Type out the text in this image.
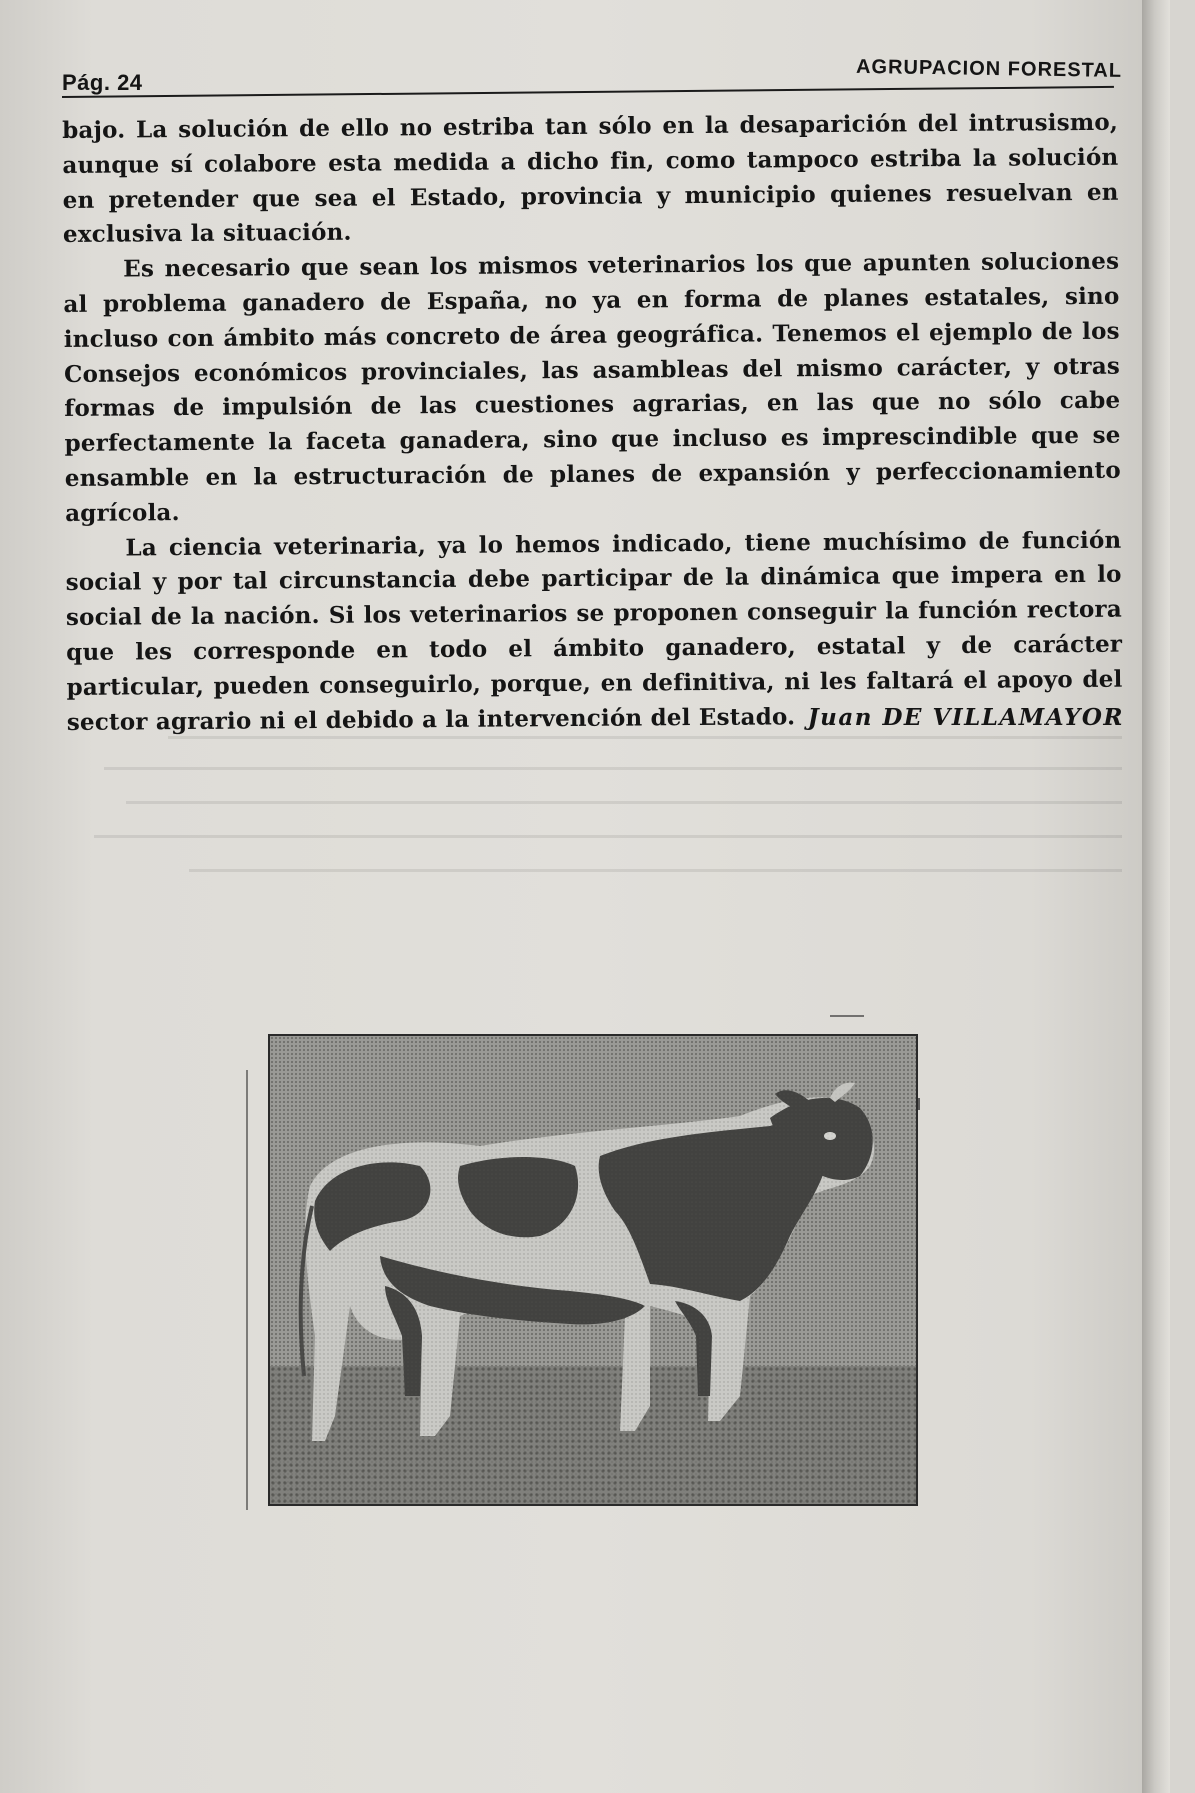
Pág. 24
AGRUPACION FORESTAL

bajo. La solución de ello no estriba tan sólo en la desaparición del intrusismo, aunque sí colabore esta medida a dicho fin, como tampoco estriba la solución en pretender que sea el Estado, provincia y municipio quienes resuelvan en exclusiva la situación.

Es necesario que sean los mismos veterinarios los que apunten soluciones al problema ganadero de España, no ya en forma de planes estatales, sino incluso con ámbito más concreto de área geográfica. Tenemos el ejemplo de los Consejos económicos provinciales, las asambleas del mismo carácter, y otras formas de impulsión de las cuestiones agrarias, en las que no sólo cabe perfectamente la faceta ganadera, sino que incluso es imprescindible que se ensamble en la estructuración de planes de expansión y perfeccionamiento agrícola.

La ciencia veterinaria, ya lo hemos indicado, tiene muchísimo de función social y por tal circunstancia debe participar de la dinámica que impera en lo social de la nación. Si los veterinarios se proponen conseguir la función rectora que les corresponde en todo el ámbito ganadero, estatal y de carácter particular, pueden conseguirlo, porque, en definitiva, ni les faltará el apoyo del sector agrario ni el debido a la intervención del Estado. Juan DE VILLAMAYOR
